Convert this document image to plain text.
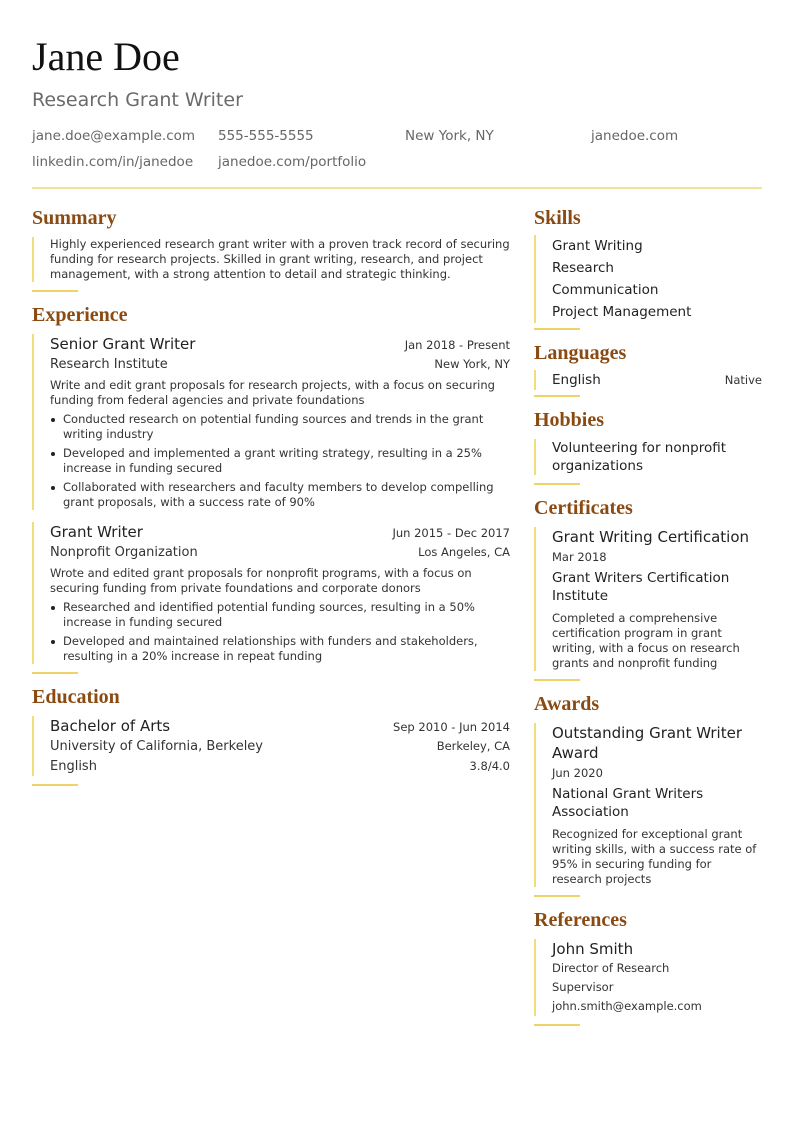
Jane Doe
Research Grant Writer
jane.doe@example.com 555-555-5555	New York, NY	janedoe.com
linkedin.com/in/janedoe janedoe.com/portfolio
Summary
Highly experienced research grant writer with a proven track record of securing funding for research projects. Skilled in grant writing, research, and project management, with a strong attention to detail and strategic thinking.
Experience
Senior Grant Writer	Jan 2018 - Present
Research Institute	New York, NY
Write and edit grant proposals for research projects, with a focus on securing funding from federal agencies and private foundations
Conducted research on potential funding sources and trends in the grant writing industry
Developed and implemented a grant writing strategy, resulting in a 25% increase in funding secured
Collaborated with researchers and faculty members to develop compelling grant proposals, with a success rate of 90%
Grant Writer	Jun 2015 - Dec 2017
Nonprofit Organization	Los Angeles, CA
Wrote and edited grant proposals for nonprofit programs, with a focus on securing funding from private foundations and corporate donors
Researched and identified potential funding sources, resulting in a 50% increase in funding secured
Developed and maintained relationships with funders and stakeholders, resulting in a 20% increase in repeat funding
Education
Bachelor of Arts	Sep 2010 - Jun 2014
University of California, Berkeley	Berkeley, CA
English	3.8/4.0
Skills
Grant Writing
Research
Communication
Project Management
Languages
English	Native
Hobbies
Volunteering for nonprofit organizations
Certificates
Grant Writing Certification
Mar 2018
Grant Writers Certification Institute
Completed a comprehensive certification program in grant writing, with a focus on research grants and nonprofit funding
Awards
Outstanding Grant Writer Award
Jun 2020
National Grant Writers Association
Recognized for exceptional grant writing skills, with a success rate of 95% in securing funding for research projects
References
John Smith
Director of Research
Supervisor
john.smith@example.com
